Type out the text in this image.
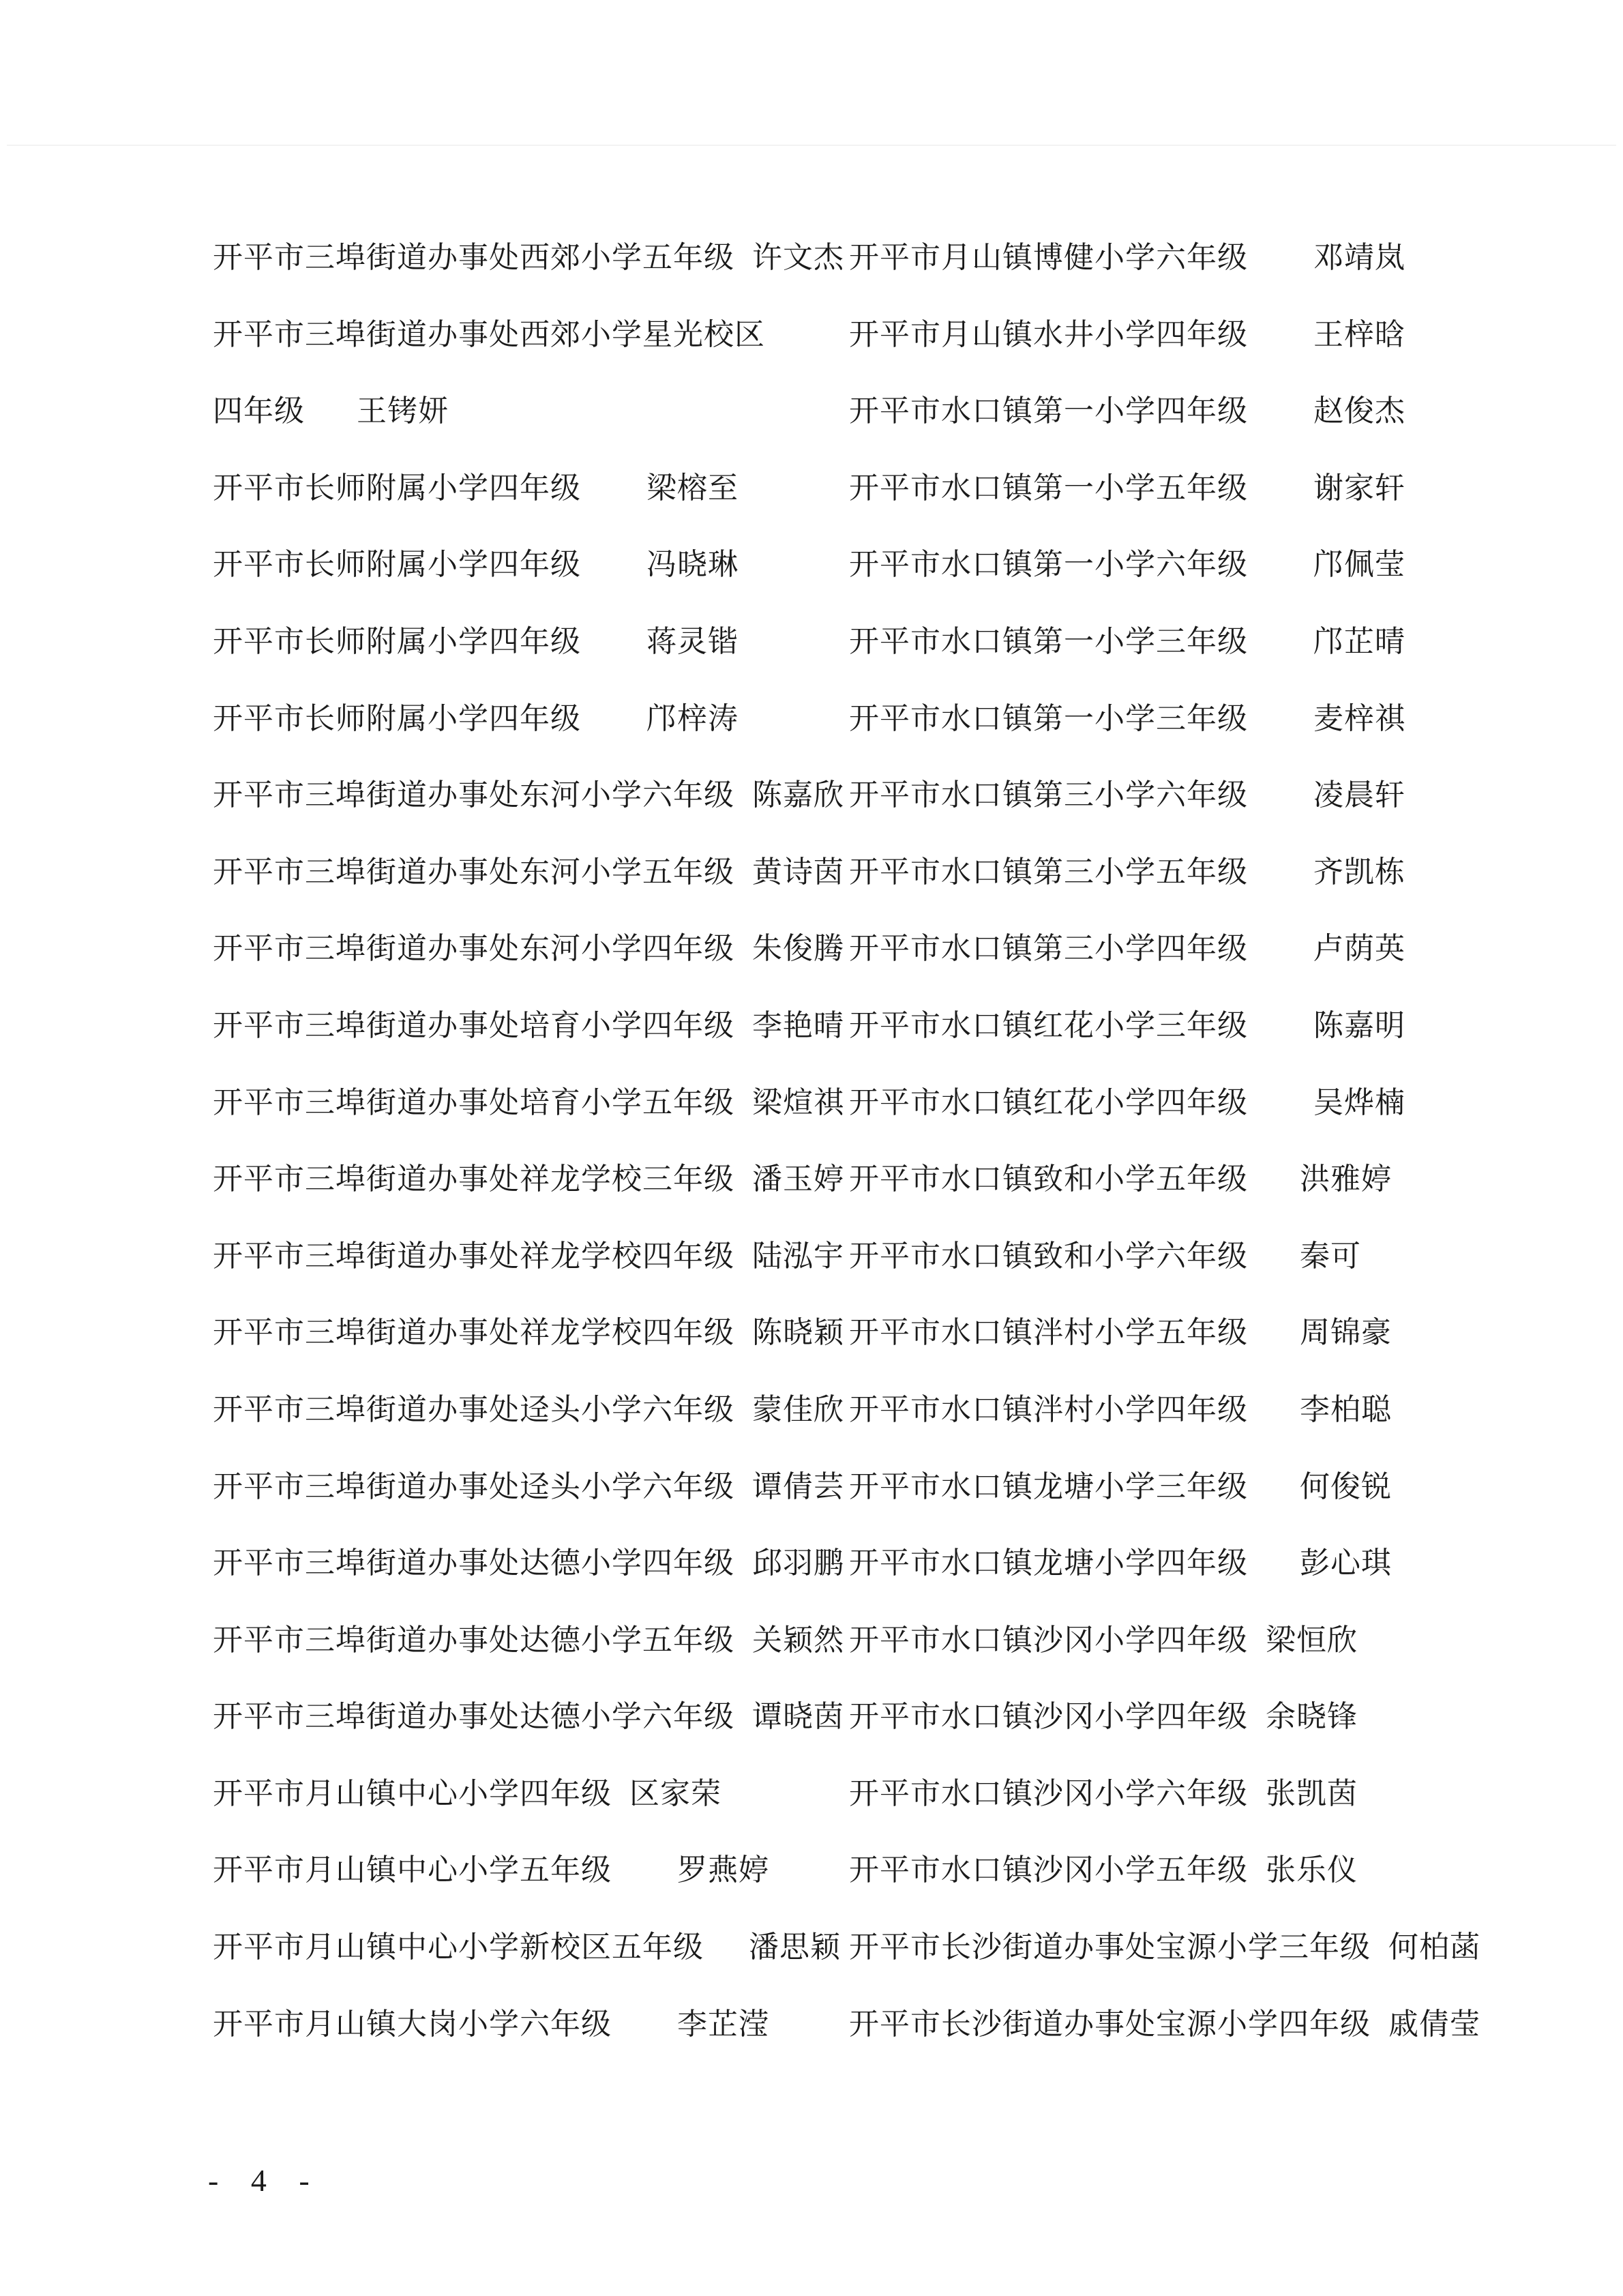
开平市三埠街道办事处西郊小学五年级 许文杰
开平市三埠街道办事处西郊小学星光校区
四年级 王铐妍
开平市长师附属小学四年级 梁榕至
开平市长师附属小学四年级 冯晓琳
开平市长师附属小学四年级 蒋灵锴
开平市长师附属小学四年级 邝梓涛
开平市三埠街道办事处东河小学六年级 陈嘉欣
开平市三埠街道办事处东河小学五年级 黄诗茵
开平市三埠街道办事处东河小学四年级 朱俊腾
开平市三埠街道办事处培育小学四年级 李艳晴
开平市三埠街道办事处培育小学五年级 梁煊祺
开平市三埠街道办事处祥龙学校三年级 潘玉婷
开平市三埠街道办事处祥龙学校四年级 陆泓宇
开平市三埠街道办事处祥龙学校四年级 陈晓颖
开平市三埠街道办事处迳头小学六年级 蒙佳欣
开平市三埠街道办事处迳头小学六年级 谭倩芸
开平市三埠街道办事处达德小学四年级 邱羽鹏
开平市三埠街道办事处达德小学五年级 关颖然
开平市三埠街道办事处达德小学六年级 谭晓茵
开平市月山镇中心小学四年级 区家荣
开平市月山镇中心小学五年级 罗燕婷
开平市月山镇中心小学新校区五年级 潘思颖
开平市月山镇大岗小学六年级 李芷滢
开平市月山镇博健小学六年级 邓靖岚
开平市月山镇水井小学四年级 王梓晗
开平市水口镇第一小学四年级 赵俊杰
开平市水口镇第一小学五年级 谢家轩
开平市水口镇第一小学六年级 邝佩莹
开平市水口镇第一小学三年级 邝芷晴
开平市水口镇第一小学三年级 麦梓祺
开平市水口镇第三小学六年级 凌晨轩
开平市水口镇第三小学五年级 齐凯栋
开平市水口镇第三小学四年级 卢荫英
开平市水口镇红花小学三年级 陈嘉明
开平市水口镇红花小学四年级 吴烨楠
开平市水口镇致和小学五年级 洪雅婷
开平市水口镇致和小学六年级 秦可
开平市水口镇泮村小学五年级 周锦豪
开平市水口镇泮村小学四年级 李柏聪
开平市水口镇龙塘小学三年级 何俊锐
开平市水口镇龙塘小学四年级 彭心琪
开平市水口镇沙冈小学四年级 梁恒欣
开平市水口镇沙冈小学四年级 余晓锋
开平市水口镇沙冈小学六年级 张凯茵
开平市水口镇沙冈小学五年级 张乐仪
开平市长沙街道办事处宝源小学三年级 何柏菡
开平市长沙街道办事处宝源小学四年级 戚倩莹
- 4 -
